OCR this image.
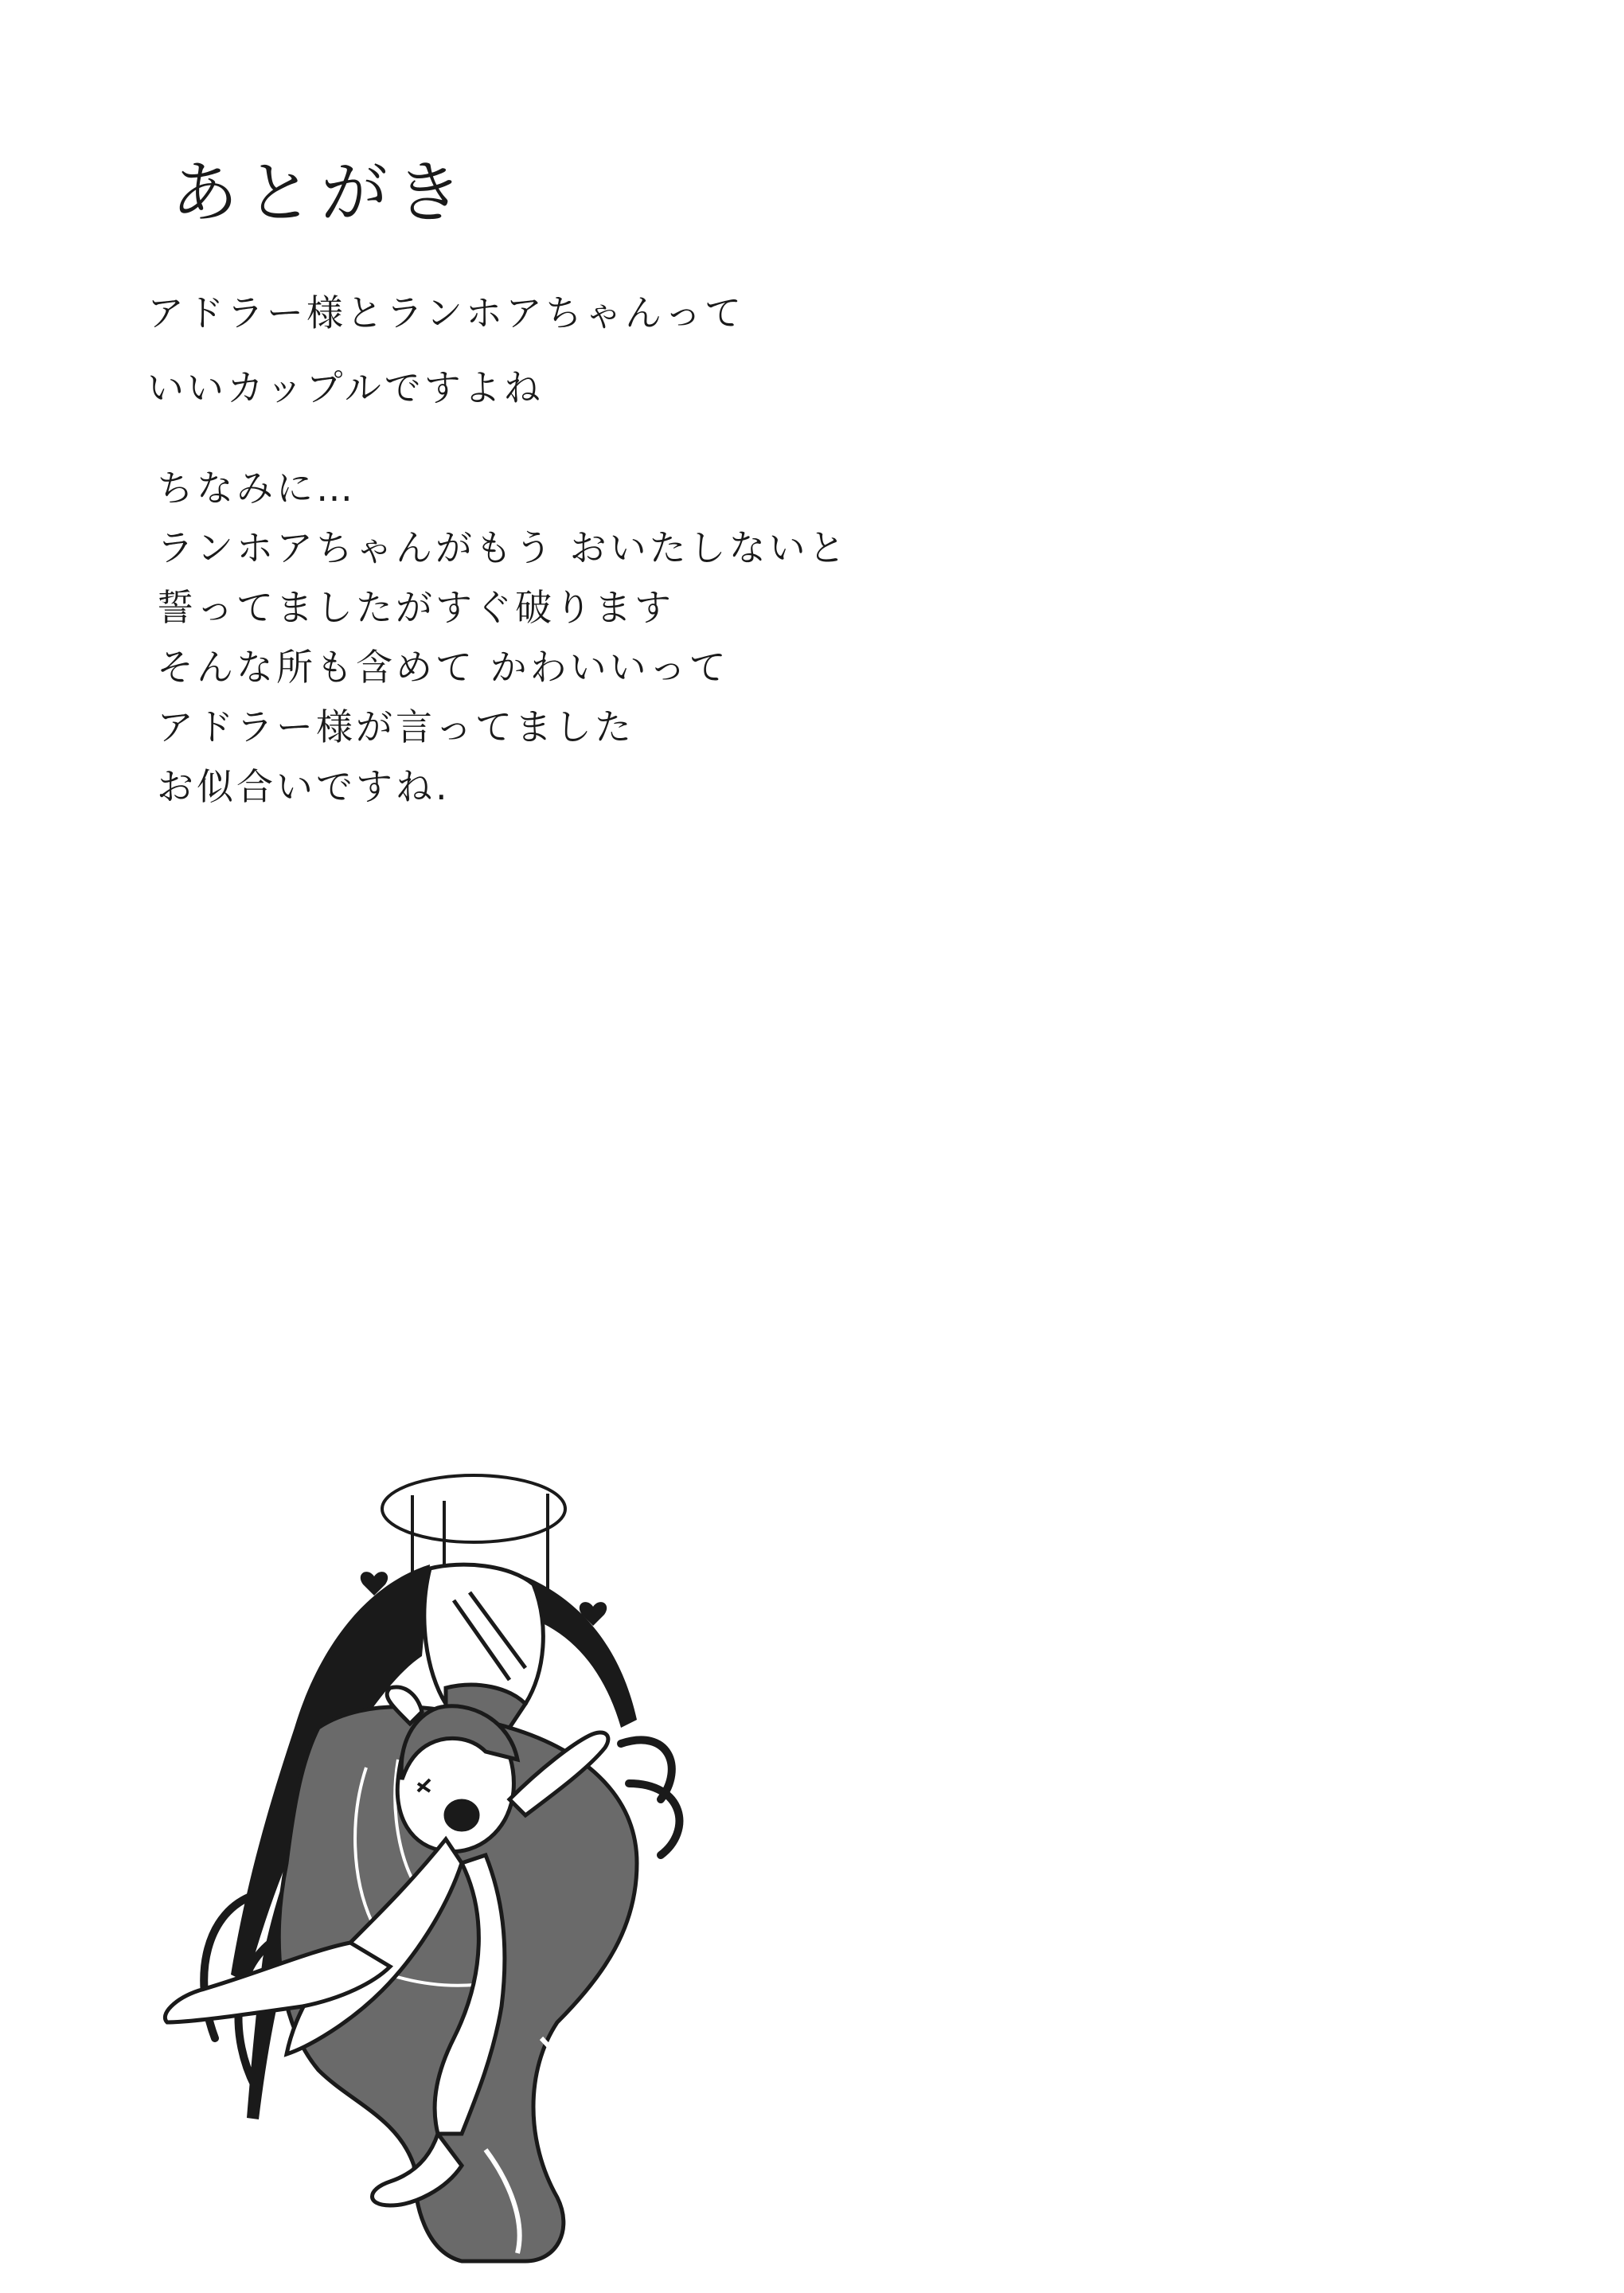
あとがき
アドラー様とランホアちゃんって
いいカップルですよね
ちなみに…
ランホアちゃんがもう おいたしないと
誓ってましたがすぐ破ります
そんな所も含めて かわいいって
アドラー様が言ってました
お似合いですね.
